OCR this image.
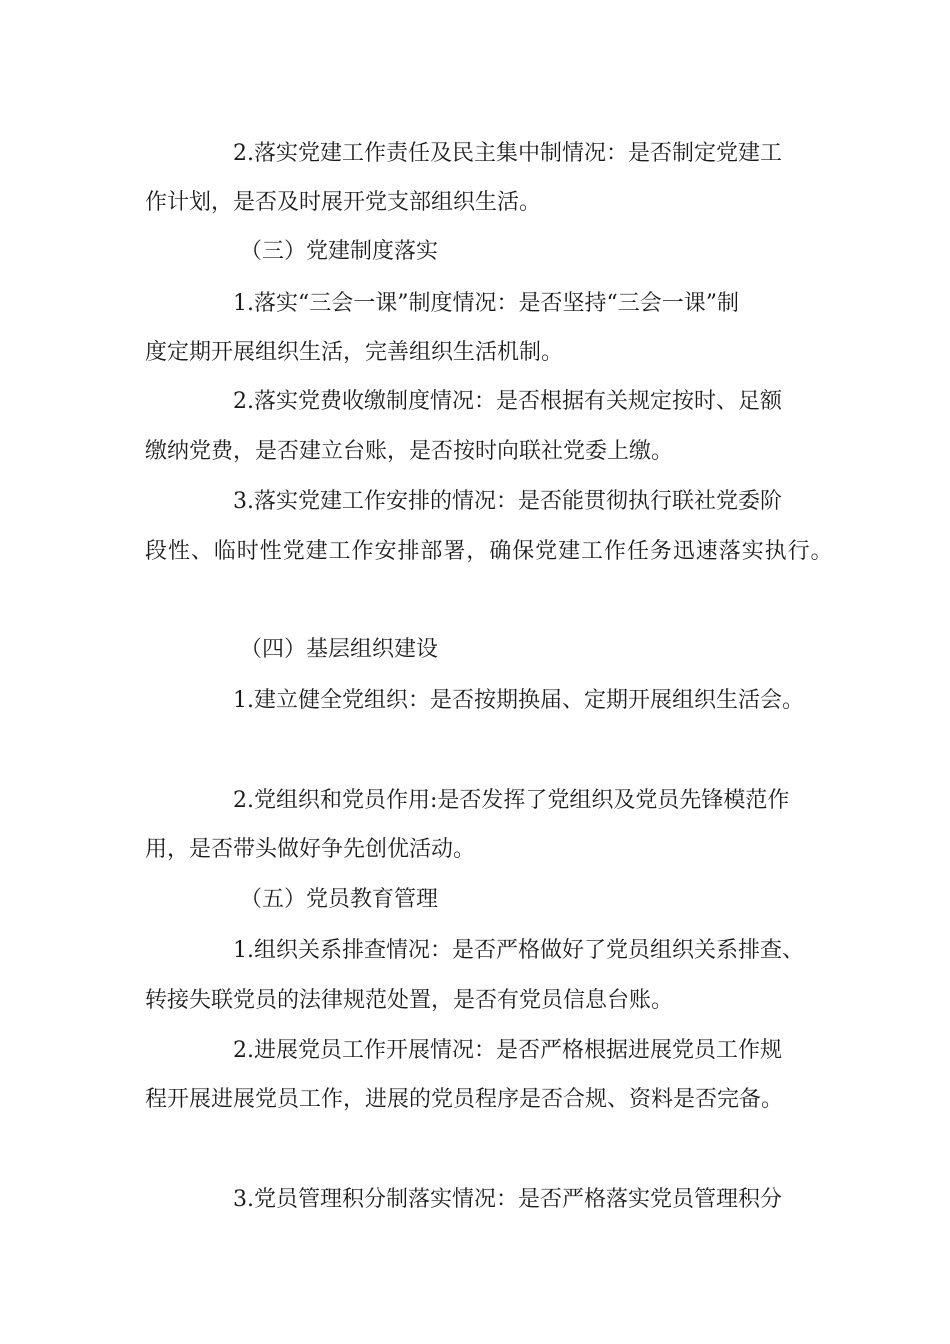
2.落实党建工作责任及民主集中制情况：是否制定党建工
作计划，是否及时展开党支部组织生活。
（三）党建制度落实
1.落实“三会一课”制度情况：是否坚持“三会一课”制
度定期开展组织生活，完善组织生活机制。
2.落实党费收缴制度情况：是否根据有关规定按时、足额
缴纳党费，是否建立台账，是否按时向联社党委上缴。
3.落实党建工作安排的情况：是否能贯彻执行联社党委阶
段性、临时性党建工作安排部署，确保党建工作任务迅速落实执行。
（四）基层组织建设
1.建立健全党组织：是否按期换届、定期开展组织生活会。
2.党组织和党员作用:是否发挥了党组织及党员先锋模范作
用，是否带头做好争先创优活动。
（五）党员教育管理
1.组织关系排查情况：是否严格做好了党员组织关系排查、
转接失联党员的法律规范处置，是否有党员信息台账。
2.进展党员工作开展情况：是否严格根据进展党员工作规
程开展进展党员工作，进展的党员程序是否合规、资料是否完备。
3.党员管理积分制落实情况：是否严格落实党员管理积分
